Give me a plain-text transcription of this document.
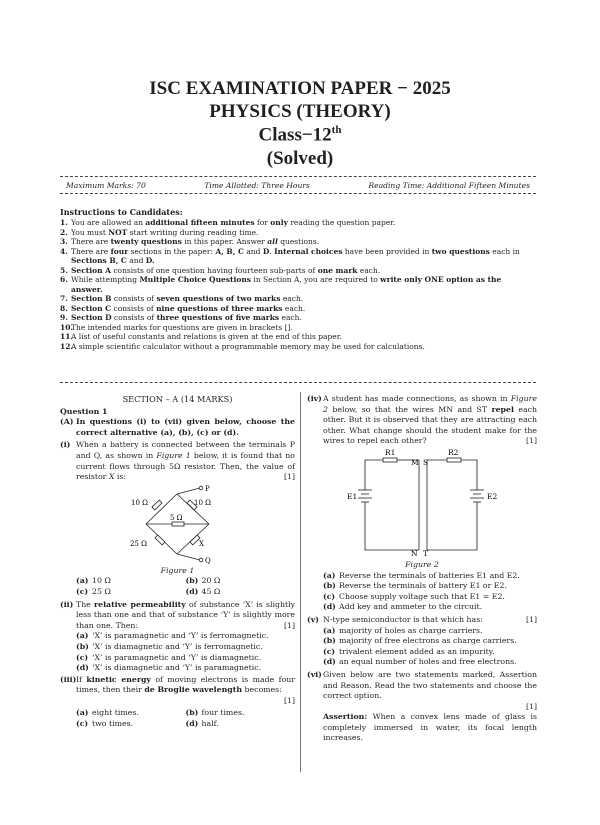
ISC EXAMINATION PAPER − 2025
PHYSICS (THEORY)
Class−12th
(Solved)
Maximum Marks: 70	Time Allotted: Three Hours	Reading Time: Additional Fifteen Minutes
Instructions to Candidates:
1. You are allowed an additional fifteen minutes for only reading the question paper.
2. You must NOT start writing during reading time.
3. There are twenty questions in this paper. Answer all questions.
4. There are four sections in the paper: A, B, C and D. Internal choices have been provided in two questions each in
Sections B, C and D.
5. Section A consists of one question having fourteen sub-parts of one mark each.
6. While attempting Multiple Choice Questions in Section A, you are required to write only ONE option as the
answer.
7. Section B consists of seven questions of two marks each.
8. Section C consists of nine questions of three marks each.
9. Section D consists of three questions of five marks each.
10.
The intended marks for questions are given in brackets [].
11.
A list of useful constants and relations is given at the end of this paper.
12.
A simple scientific calculator without a programmable memory may be used for calculations.
SECTION – A (14 MARKS)
Question 1
(A) In questions (i) to (vii) given below, choose the correct alternative (a), (b), (c) or (d).
(i) When a battery is connected between the terminals P and Q, as shown in Figure 1 below, it is found that no current flows through 5Ω resistor. Then, the value of resistor X is:	[1]
10 Ω	10 Ω
5 Ω
25 Ω	X
P
Q
Figure 1
(a) 10 Ω	(b) 20 Ω
(c) 25 Ω	(d) 45 Ω
(ii) The relative permeability of substance ‘X’ is slightly less than one and that of substance ‘Y’ is slightly more than one. Then:	[1]
(a) ‘X’ is paramagnetic and ‘Y’ is ferromagnetic.
(b) ‘X’ is diamagnetic and ‘Y’ is ferromagnetic.
(c) ‘X’ is paramagnetic and ‘Y’ is diamagnetic.
(d) ‘X’ is diamagnetic and ‘Y’ is paramagnetic.
(iii) If kinetic energy of moving electrons is made four times, then their de Broglie wavelength becomes:

[1]
(a) eight times.	(b) four times.
(c) two times.	(d) half.
(iv) A student has made connections, as shown in Figure 2 below, so that the wires MN and ST repel each other. But it is observed that they are attracting each other. What change should the student make for the wires to repel each other?	[1]
R1
M S
R2
E1	E2
N T
Figure 2
(a) Reverse the terminals of batteries E1 and E2.
(b) Reverse the terminals of battery E1 or E2.
(c) Choose supply voltage such that E1 = E2.
(d) Add key and ammeter to the circuit.
(v) N-type semiconductor is that which has:	[1]
(a) majority of holes as charge carriers.
(b) majority of free electrons as charge carriers.
(c) trivalent element added as an impurity.
(d) an equal number of holes and free electrons.
(vi) Given below are two statements marked, Assertion and Reason. Read the two statements and choose the correct option.

[1]

Assertion: When a convex lens made of glass is completely immersed in water, its focal length increases.
